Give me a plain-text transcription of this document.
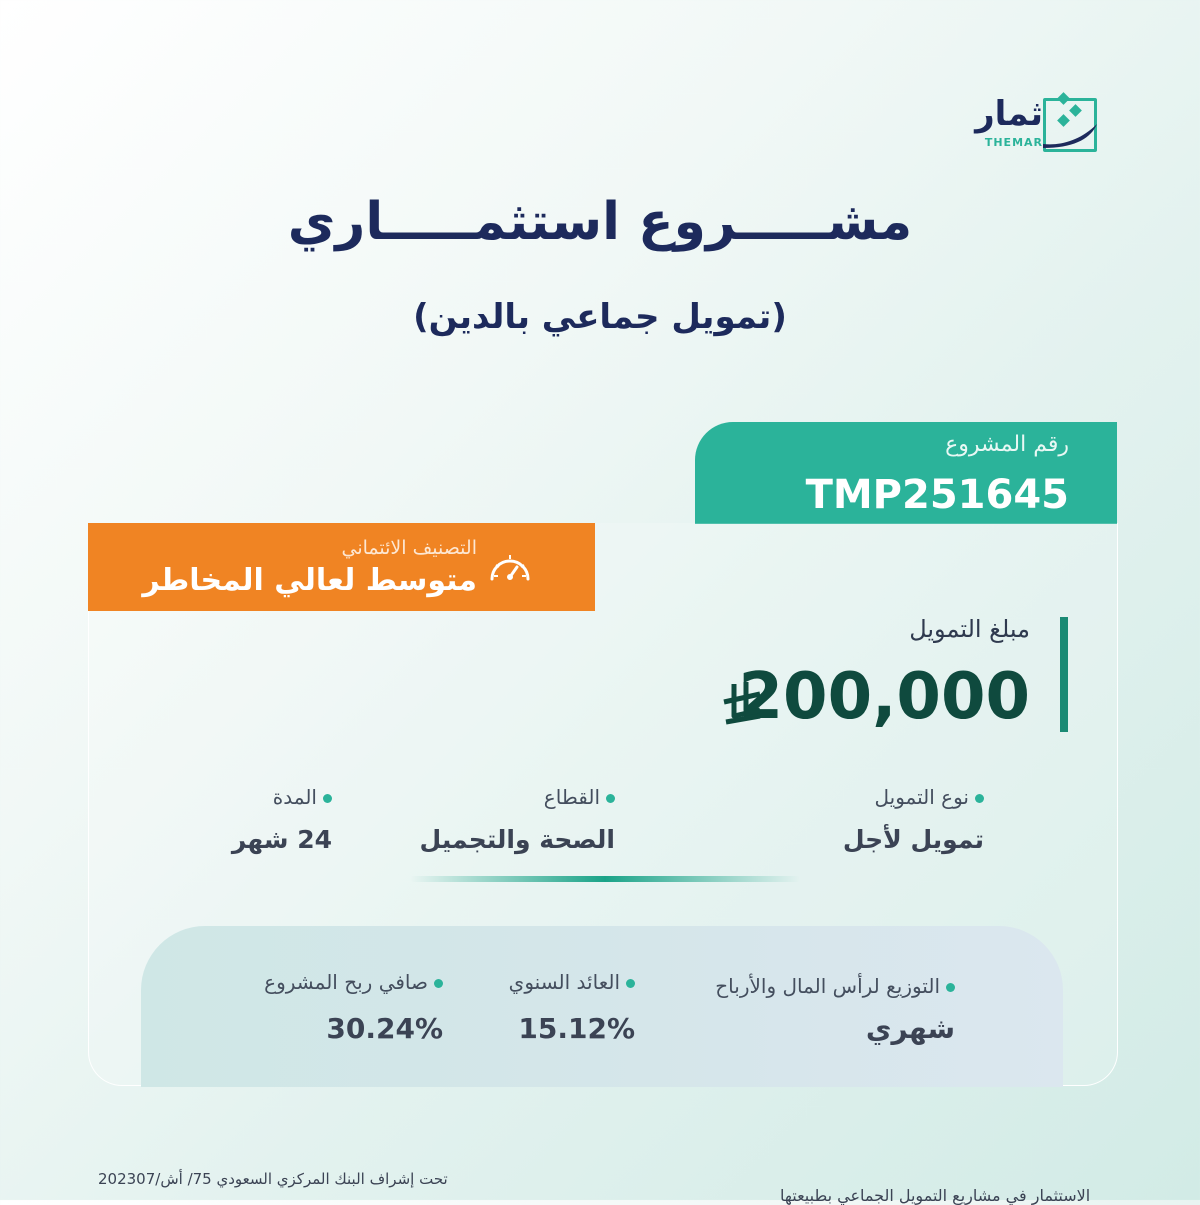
ثمار
THEMAR
مشـــــروع استثمـــــاري
(تمويل جماعي بالدين)
رقم المشروع
TMP251645
التصنيف الائتماني
متوسط لعالي المخاطر
مبلغ التمويل
200,000
نوع التمويل
تمويل لأجل
القطاع
الصحة والتجميل
المدة
24 شهر
التوزيع لرأس المال والأرباح
شهري
العائد السنوي
15.12%
صافي ربح المشروع
30.24%
تحت إشراف البنك المركزي السعودي 75/ أش/202307
الاستثمار في مشاريع التمويل الجماعي بطبيعتها
